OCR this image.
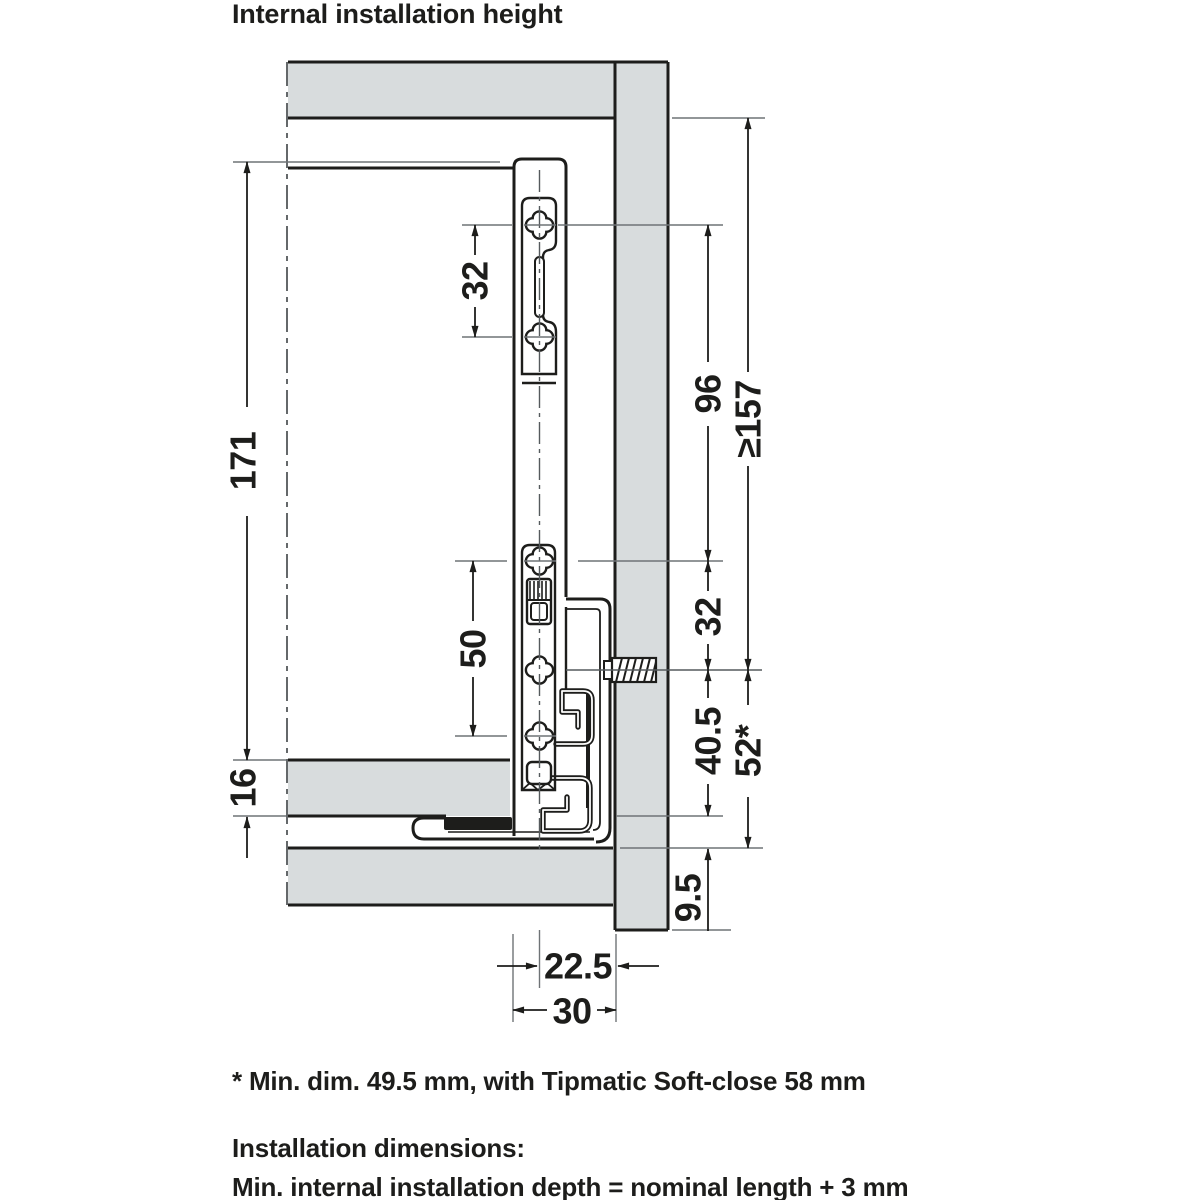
171
16
32
50
96 ≥157
32
40.5 52*
9.5
22.5
30
Internal installation height
* Min. dim. 49.5 mm, with Tipmatic Soft-close 58 mm
Installation dimensions:
Min. internal installation depth = nominal length + 3 mm
